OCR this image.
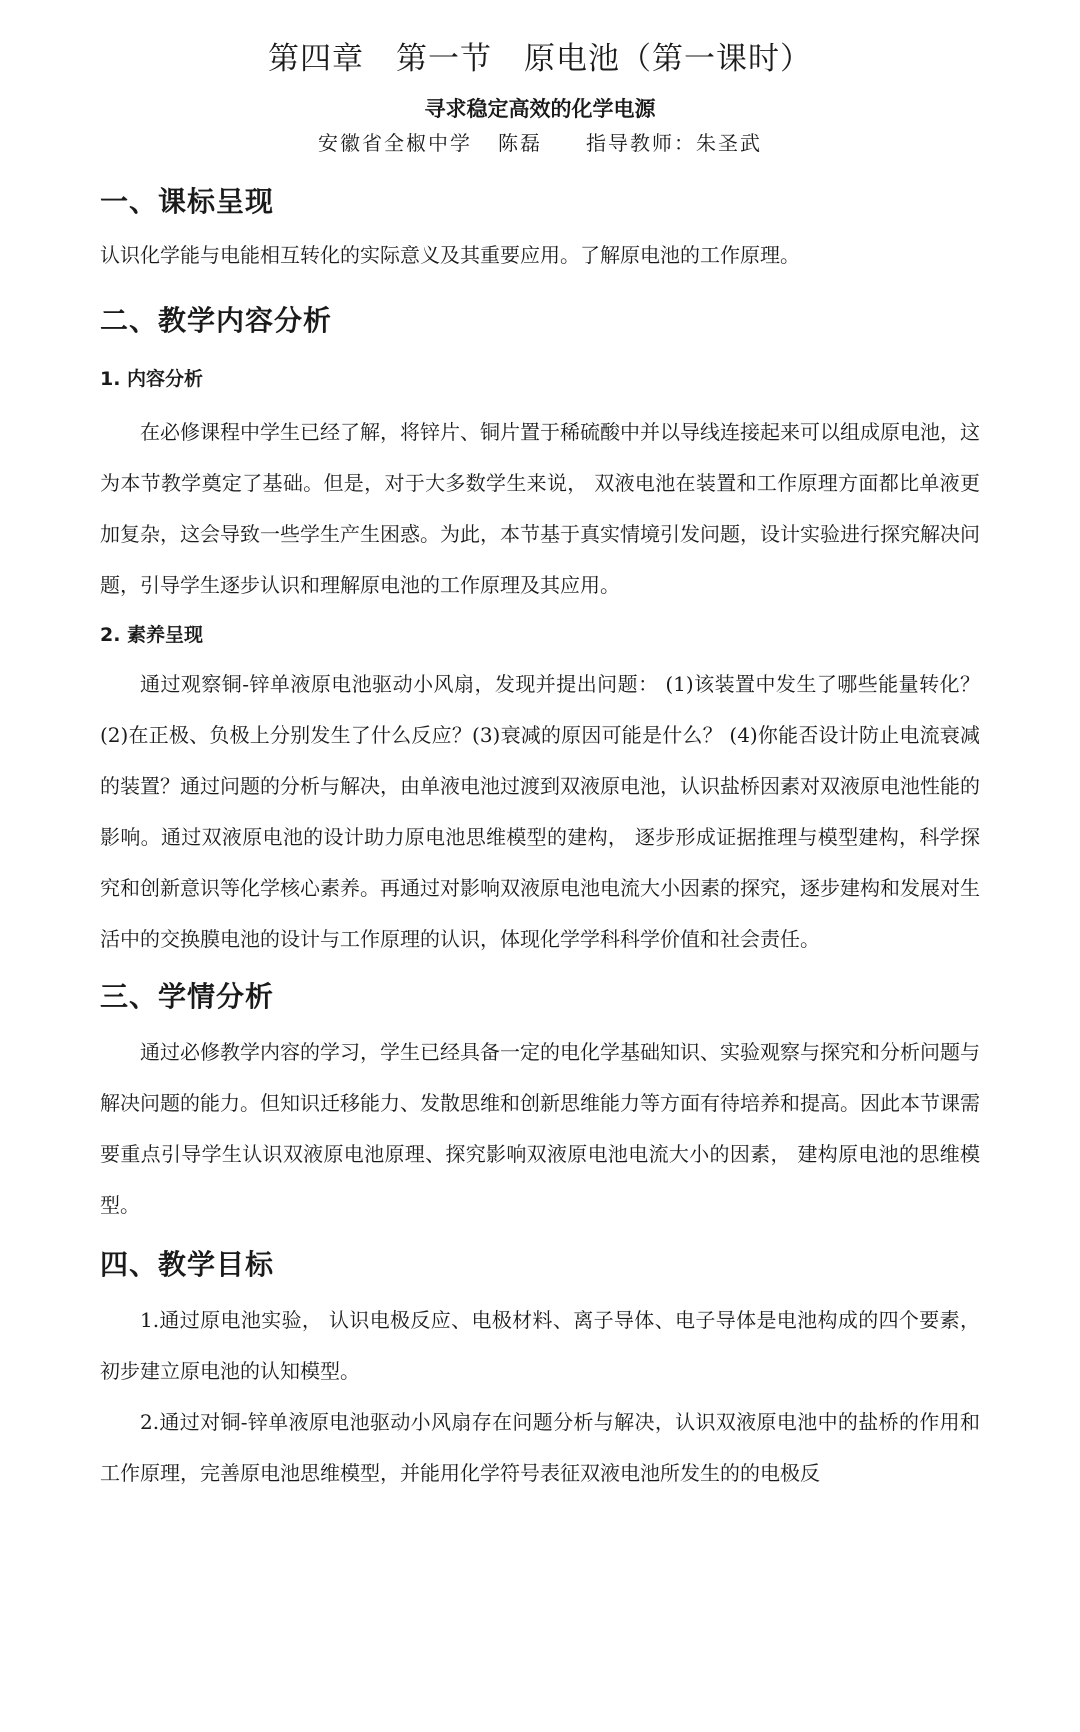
第四章　第一节　原电池（第一课时）
寻求稳定高效的化学电源
安徽省全椒中学 陈磊 指导教师：朱圣武
一、课标呈现

认识化学能与电能相互转化的实际意义及其重要应用。了解原电池的工作原理。

二、教学内容分析
1. 内容分析

在必修课程中学生已经了解，将锌片、铜片置于稀硫酸中并以导线连接起来可以组成原电池，这为本节教学奠定了基础。但是，对于大多数学生来说， 双液电池在装置和工作原理方面都比单液更加复杂，这会导致一些学生产生困惑。为此，本节基于真实情境引发问题，设计实验进行探究解决问题，引导学生逐步认识和理解原电池的工作原理及其应用。

2. 素养呈现

通过观察铜-锌单液原电池驱动小风扇，发现并提出问题： (1)该装置中发生了哪些能量转化？ (2)在正极、负极上分别发生了什么反应？(3)衰减的原因可能是什么？ (4)你能否设计防止电流衰减的装置？通过问题的分析与解决，由单液电池过渡到双液原电池，认识盐桥因素对双液原电池性能的影响。通过双液原电池的设计助力原电池思维模型的建构， 逐步形成证据推理与模型建构，科学探究和创新意识等化学核心素养。再通过对影响双液原电池电流大小因素的探究，逐步建构和发展对生活中的交换膜电池的设计与工作原理的认识，体现化学学科科学价值和社会责任。

三、学情分析

通过必修教学内容的学习，学生已经具备一定的电化学基础知识、实验观察与探究和分析问题与解决问题的能力。但知识迁移能力、发散思维和创新思维能力等方面有待培养和提高。因此本节课需要重点引导学生认识双液原电池原理、探究影响双液原电池电流大小的因素， 建构原电池的思维模型。

四、教学目标

1.通过原电池实验， 认识电极反应、电极材料、离子导体、电子导体是电池构成的四个要素，初步建立原电池的认知模型。

2.通过对铜-锌单液原电池驱动小风扇存在问题分析与解决，认识双液原电池中的盐桥的作用和工作原理，完善原电池思维模型，并能用化学符号表征双液电池所发生的的电极反
